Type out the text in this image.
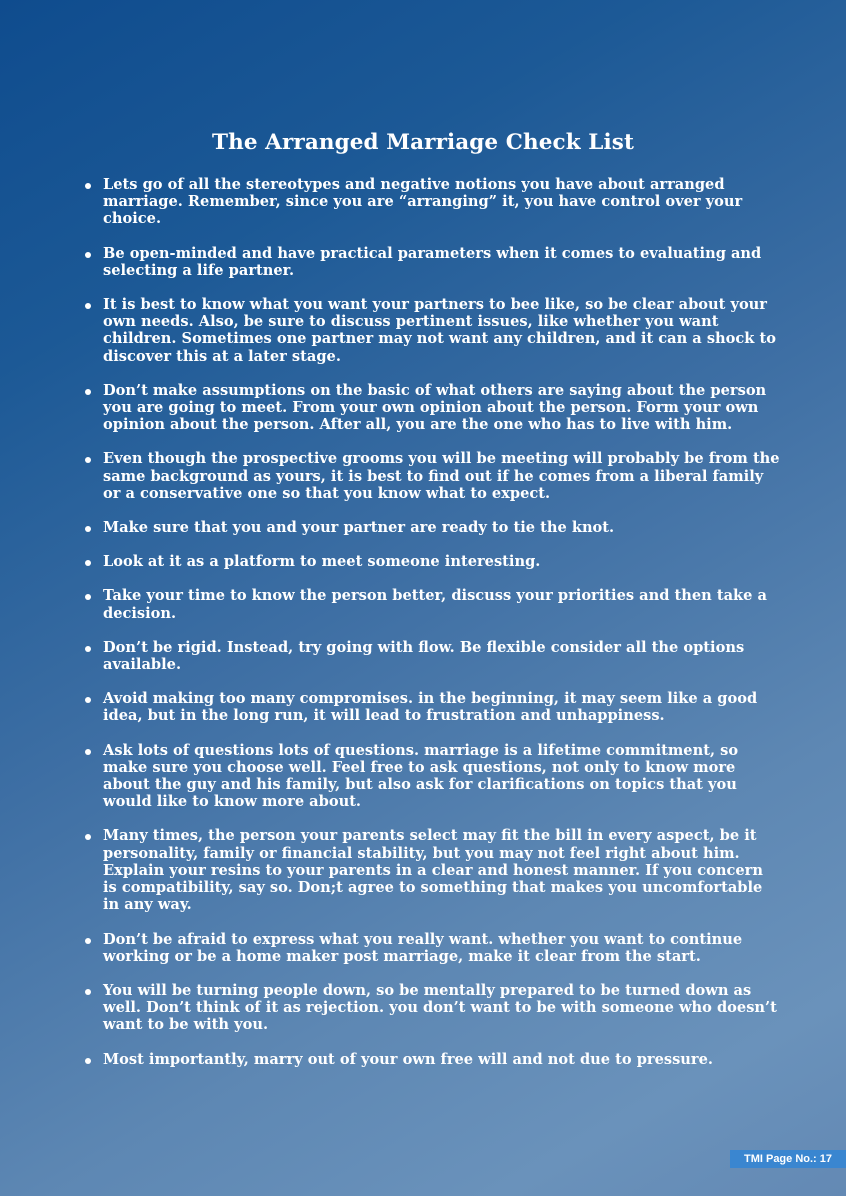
The Arranged Marriage Check List
Lets go of all the stereotypes and negative notions you have about arranged marriage. Remember, since you are “arranging” it, you have control over your choice.
Be open-minded and have practical parameters when it comes to evaluating and selecting a life partner.
It is best to know what you want your partners to bee like, so be clear about your own needs. Also, be sure to discuss pertinent issues, like whether you want children. Sometimes one partner may not want any children, and it can a shock to discover this at a later stage.
Don’t make assumptions on the basic of what others are saying about the person you are going to meet. From your own opinion about the person. Form your own opinion about the person. After all, you are the one who has to live with him.
Even though the prospective grooms you will be meeting will probably be from the same background as yours, it is best to find out if he comes from a liberal family or a conservative one so that you know what to expect.
Make sure that you and your partner are ready to tie the knot.
Look at it as a platform to meet someone interesting.
Take your time to know the person better, discuss your priorities and then take a decision.
Don’t be rigid. Instead, try going with flow. Be flexible consider all the options available.
Avoid making too many compromises. in the beginning, it may seem like a good idea, but in the long run, it will lead to frustration and unhappiness.
Ask lots of questions lots of questions. marriage is a lifetime commitment, so make sure you choose well. Feel free to ask questions, not only to know more about the guy and his family, but also ask for clarifications on topics that you would like to know more about.
Many times, the person your parents select may fit the bill in every aspect, be it personality, family or financial stability, but you may not feel right about him. Explain your resins to your parents in a clear and honest manner. If you concern is compatibility, say so. Don;t agree to something that makes you uncomfortable in any way.
Don’t be afraid to express what you really want. whether you want to continue working or be a home maker post marriage, make it clear from the start.
You will be turning people down, so be mentally prepared to be turned down as well. Don’t think of it as rejection. you don’t want to be with someone who doesn’t want to be with you.
Most importantly, marry out of your own free will and not due to pressure.
TMI Page No.: 17
